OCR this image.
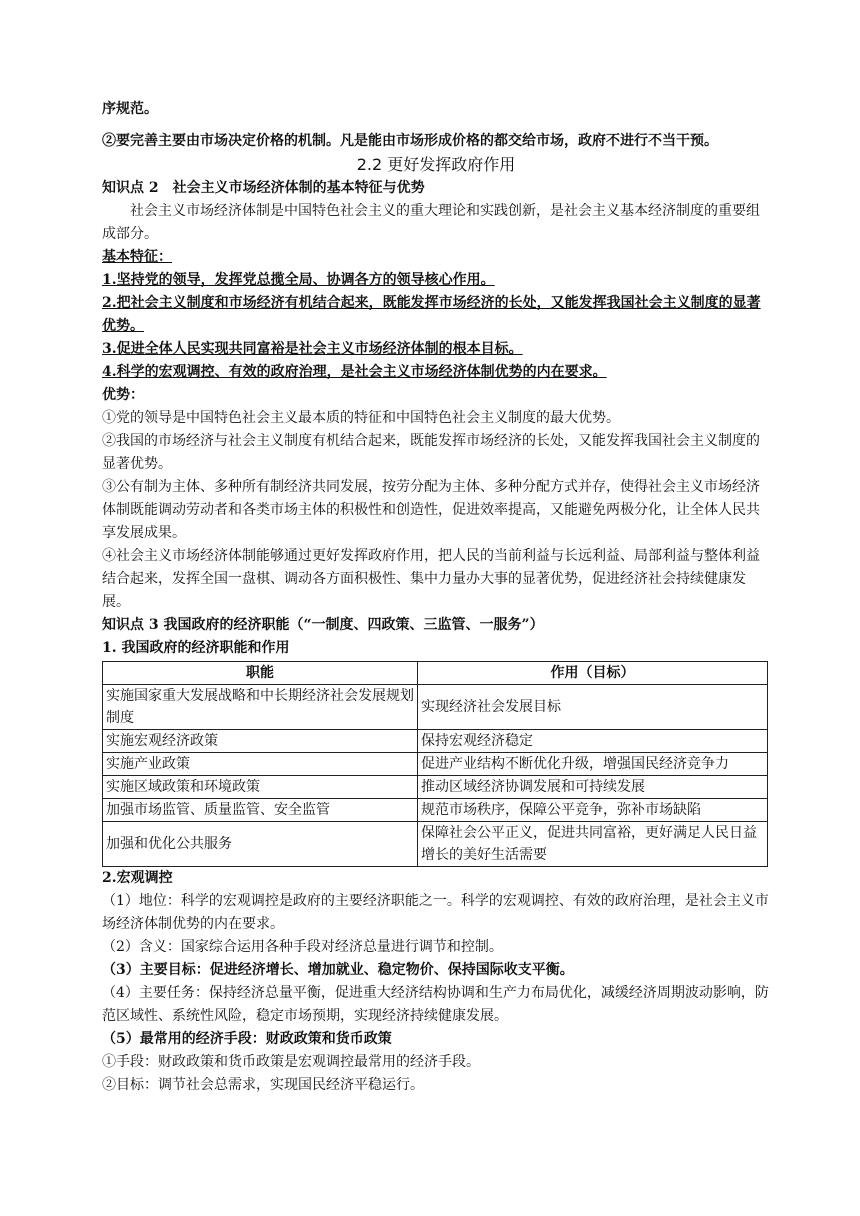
序规范。
②要完善主要由市场决定价格的机制。凡是能由市场形成价格的都交给市场，政府不进行不当干预。
2.2 更好发挥政府作用
知识点 2　社会主义市场经济体制的基本特征与优势
社会主义市场经济体制是中国特色社会主义的重大理论和实践创新，是社会主义基本经济制度的重要组成部分。
基本特征：
1.坚持党的领导，发挥党总揽全局、协调各方的领导核心作用。
2.把社会主义制度和市场经济有机结合起来，既能发挥市场经济的长处，又能发挥我国社会主义制度的显著优势。
3.促进全体人民实现共同富裕是社会主义市场经济体制的根本目标。
4.科学的宏观调控、有效的政府治理，是社会主义市场经济体制优势的内在要求。
优势：
①党的领导是中国特色社会主义最本质的特征和中国特色社会主义制度的最大优势。
②我国的市场经济与社会主义制度有机结合起来，既能发挥市场经济的长处，又能发挥我国社会主义制度的显著优势。
③公有制为主体、多种所有制经济共同发展，按劳分配为主体、多种分配方式并存，使得社会主义市场经济体制既能调动劳动者和各类市场主体的积极性和创造性，促进效率提高，又能避免两极分化，让全体人民共享发展成果。
④社会主义市场经济体制能够通过更好发挥政府作用，把人民的当前利益与长远利益、局部利益与整体利益结合起来，发挥全国一盘棋、调动各方面积极性、集中力量办大事的显著优势，促进经济社会持续健康发展。
知识点 3 我国政府的经济职能（“一制度、四政策、三监管、一服务”）
1. 我国政府的经济职能和作用
职能	作用（目标）
实施国家重大发展战略和中长期经济社会发展规划制度	实现经济社会发展目标
实施宏观经济政策	保持宏观经济稳定
实施产业政策	促进产业结构不断优化升级，增强国民经济竞争力
实施区域政策和环境政策	推动区域经济协调发展和可持续发展
加强市场监管、质量监管、安全监管	规范市场秩序，保障公平竞争，弥补市场缺陷
加强和优化公共服务	保障社会公平正义，促进共同富裕，更好满足人民日益增长的美好生活需要
2.宏观调控
（1）地位：科学的宏观调控是政府的主要经济职能之一。科学的宏观调控、有效的政府治理，是社会主义市场经济体制优势的内在要求。
（2）含义：国家综合运用各种手段对经济总量进行调节和控制。
（3）主要目标：促进经济增长、增加就业、稳定物价、保持国际收支平衡。
（4）主要任务：保持经济总量平衡，促进重大经济结构协调和生产力布局优化，减缓经济周期波动影响，防范区域性、系统性风险，稳定市场预期，实现经济持续健康发展。
（5）最常用的经济手段：财政政策和货币政策
①手段：财政政策和货币政策是宏观调控最常用的经济手段。
②目标：调节社会总需求，实现国民经济平稳运行。
